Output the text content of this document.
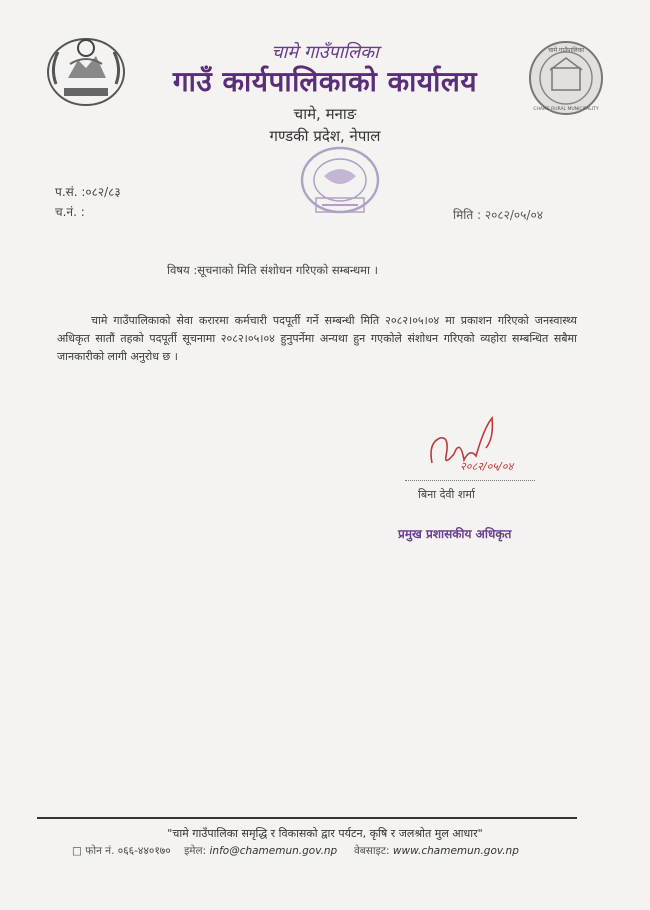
चामे गाउँपालिका
CHAME RURAL MUNICIPALITY
चामे गाउँपालिका
गाउँ कार्यपालिकाको कार्यालय
चामे, मनाङ
गण्डकी प्रदेश, नेपाल
प.सं. :०८२/८३
च.नं. :	मिति : २०८२/०५/०४
विषय :सूचनाको मिति संशोधन गरिएको सम्बन्धमा ।
चामे गाउँपालिकाको सेवा करारमा कर्मचारी पदपूर्ती गर्ने सम्बन्धी मिति २०८२।०५।०४ मा प्रकाशन गरिएको जनस्वास्थ्य अधिकृत सातौं तहको पदपूर्ती सूचनामा २०८२।०५।०४ हुनुपर्नेमा अन्यथा हुन गएकोले संशोधन गरिएको व्यहोरा सम्बन्धित सबैमा जानकारीको लागी अनुरोध छ ।
२०८२/०५/०४
बिना देवी शर्मा
प्रमुख प्रशासकीय अधिकृत
"चामे गाउँपालिका समृद्धि र विकासको द्वार पर्यटन, कृषि र जलश्रोत मुल आधार"
□ फोन नं. ०६६-४४०१७० इमेल: info@chamemun.gov.np वेबसाइट: www.chamemun.gov.np
